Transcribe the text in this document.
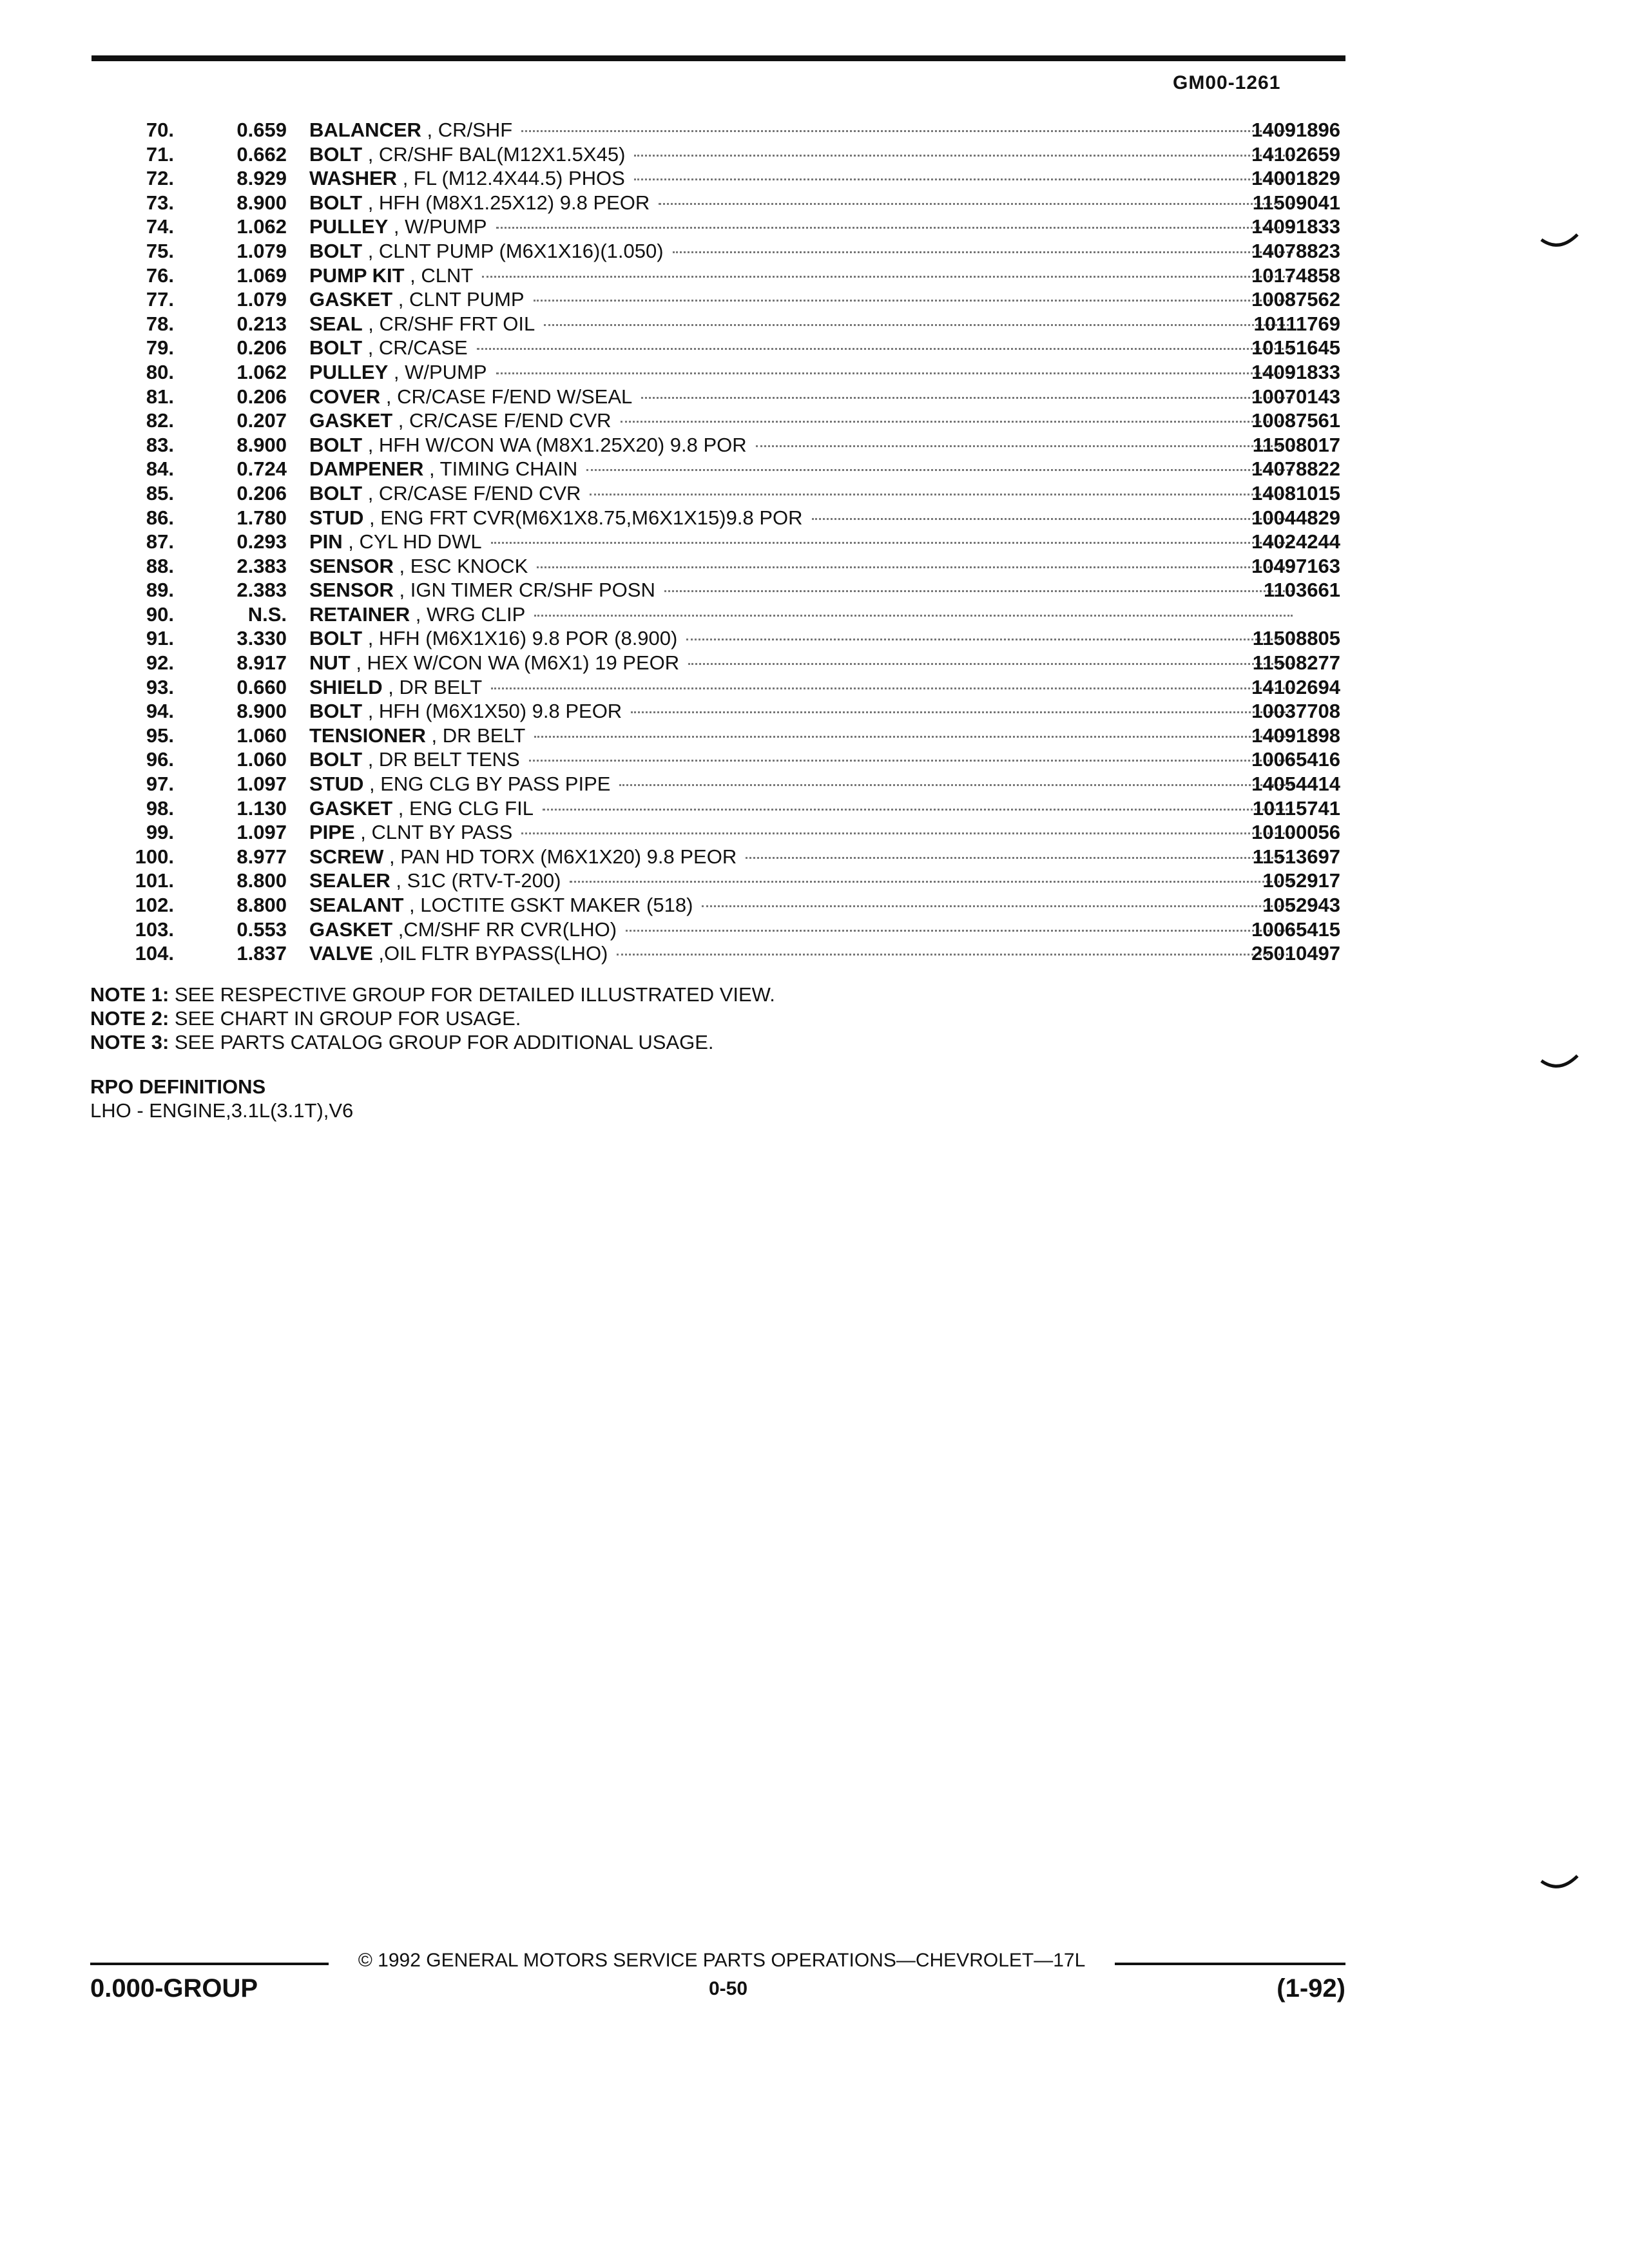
GM00-1261
70.	0.659 BALANCER , CR/SHF	14091896
71.	0.662 BOLT , CR/SHF BAL(M12X1.5X45)	14102659
72.	8.929 WASHER , FL (M12.4X44.5) PHOS	14001829
73.	8.900 BOLT , HFH (M8X1.25X12) 9.8 PEOR	11509041
74.	1.062 PULLEY , W/PUMP	14091833
75.	1.079 BOLT , CLNT PUMP (M6X1X16)(1.050)	14078823
76.	1.069 PUMP KIT , CLNT	10174858
77.	1.079 GASKET , CLNT PUMP	10087562
78.	0.213 SEAL , CR/SHF FRT OIL	10111769
79.	0.206 BOLT , CR/CASE	10151645
80.	1.062 PULLEY , W/PUMP	14091833
81.	0.206 COVER , CR/CASE F/END W/SEAL	10070143
82.	0.207 GASKET , CR/CASE F/END CVR	10087561
83.	8.900 BOLT , HFH W/CON WA (M8X1.25X20) 9.8 POR	11508017
84.	0.724 DAMPENER , TIMING CHAIN	14078822
85.	0.206 BOLT , CR/CASE F/END CVR	14081015
86.	1.780 STUD , ENG FRT CVR(M6X1X8.75,M6X1X15)9.8 POR	10044829
87.	0.293 PIN , CYL HD DWL	14024244
88.	2.383 SENSOR , ESC KNOCK	10497163
89.	2.383 SENSOR , IGN TIMER CR/SHF POSN	1103661
90.	N.S. RETAINER , WRG CLIP
91.	3.330 BOLT , HFH (M6X1X16) 9.8 POR (8.900)	11508805
92.	8.917 NUT , HEX W/CON WA (M6X1) 19 PEOR	11508277
93.	0.660 SHIELD , DR BELT	14102694
94.	8.900 BOLT , HFH (M6X1X50) 9.8 PEOR	10037708
95.	1.060 TENSIONER , DR BELT	14091898
96.	1.060 BOLT , DR BELT TENS	10065416
97.	1.097 STUD , ENG CLG BY PASS PIPE	14054414
98.	1.130 GASKET , ENG CLG FIL	10115741
99.	1.097 PIPE , CLNT BY PASS	10100056
100.	8.977 SCREW , PAN HD TORX (M6X1X20) 9.8 PEOR	11513697
101.	8.800 SEALER , S1C (RTV-T-200)	1052917
102.	8.800 SEALANT , LOCTITE GSKT MAKER (518)	1052943
103.	0.553 GASKET ,CM/SHF RR CVR(LHO)	10065415
104.	1.837 VALVE ,OIL FLTR BYPASS(LHO)	25010497
NOTE 1: SEE RESPECTIVE GROUP FOR DETAILED ILLUSTRATED VIEW.
NOTE 2: SEE CHART IN GROUP FOR USAGE.
NOTE 3: SEE PARTS CATALOG GROUP FOR ADDITIONAL USAGE.
RPO DEFINITIONS
LHO - ENGINE,3.1L(3.1T),V6
© 1992 GENERAL MOTORS SERVICE PARTS OPERATIONS—CHEVROLET—17L
0.000-GROUP	0-50	(1-92)
